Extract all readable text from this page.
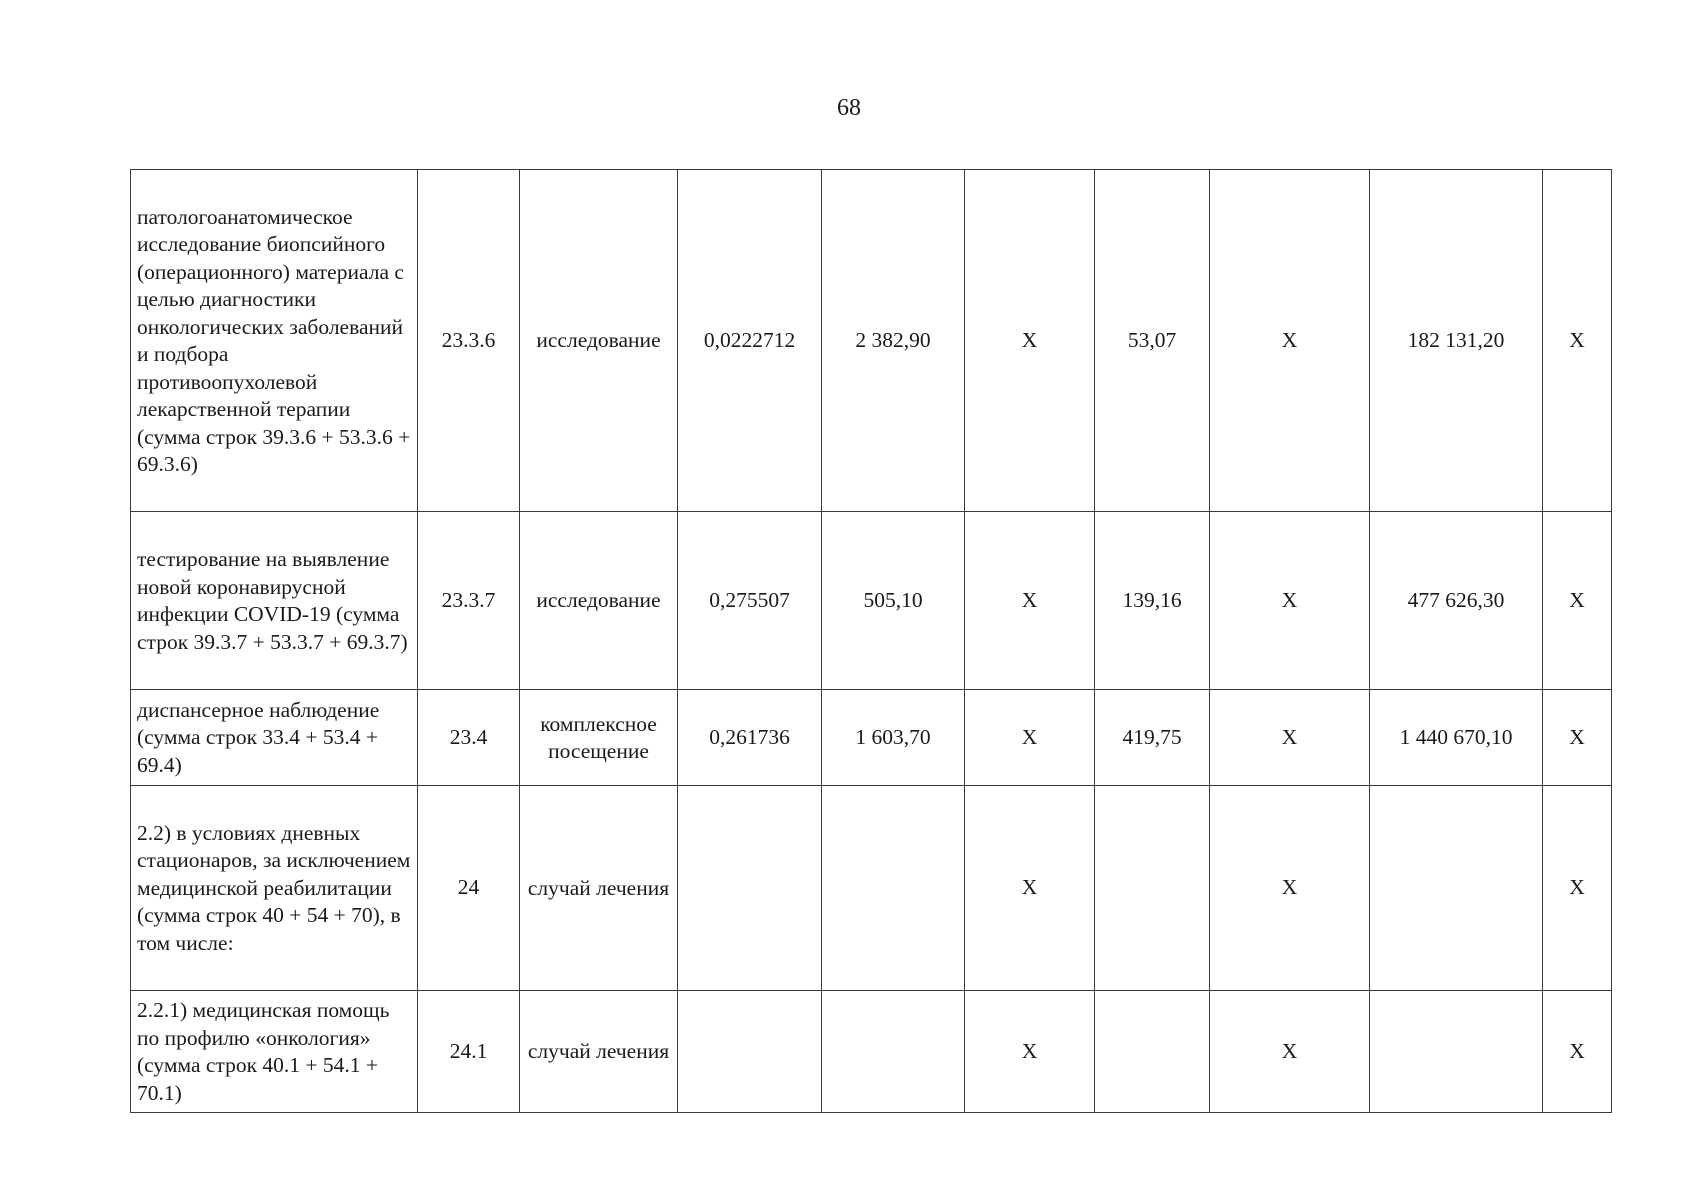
68
патологоанатомическое исследование биопсийного (операционного) материала с целью диагностики онкологических заболеваний и подбора противоопухолевой лекарственной терапии (сумма строк 39.3.6 + 53.3.6 + 69.3.6)	23.3.6	исследование	0,0222712	2 382,90	Х	53,07	Х	182 131,20	Х
тестирование на выявление новой коронавирусной инфекции COVID-19 (сумма строк 39.3.7 + 53.3.7 + 69.3.7)	23.3.7	исследование	0,275507	505,10	Х	139,16	Х	477 626,30	Х
диспансерное наблюдение (сумма строк 33.4 + 53.4 + 69.4)	23.4	комплексное посещение	0,261736	1 603,70	Х	419,75	Х	1 440 670,10	Х
2.2) в условиях дневных стационаров, за исключением медицинской реабилитации (сумма строк 40 + 54 + 70), в том числе:	24	случай лечения			Х		Х		Х
2.2.1) медицинская помощь по профилю «онкология» (сумма строк 40.1 + 54.1 + 70.1)	24.1	случай лечения			Х		Х		Х
